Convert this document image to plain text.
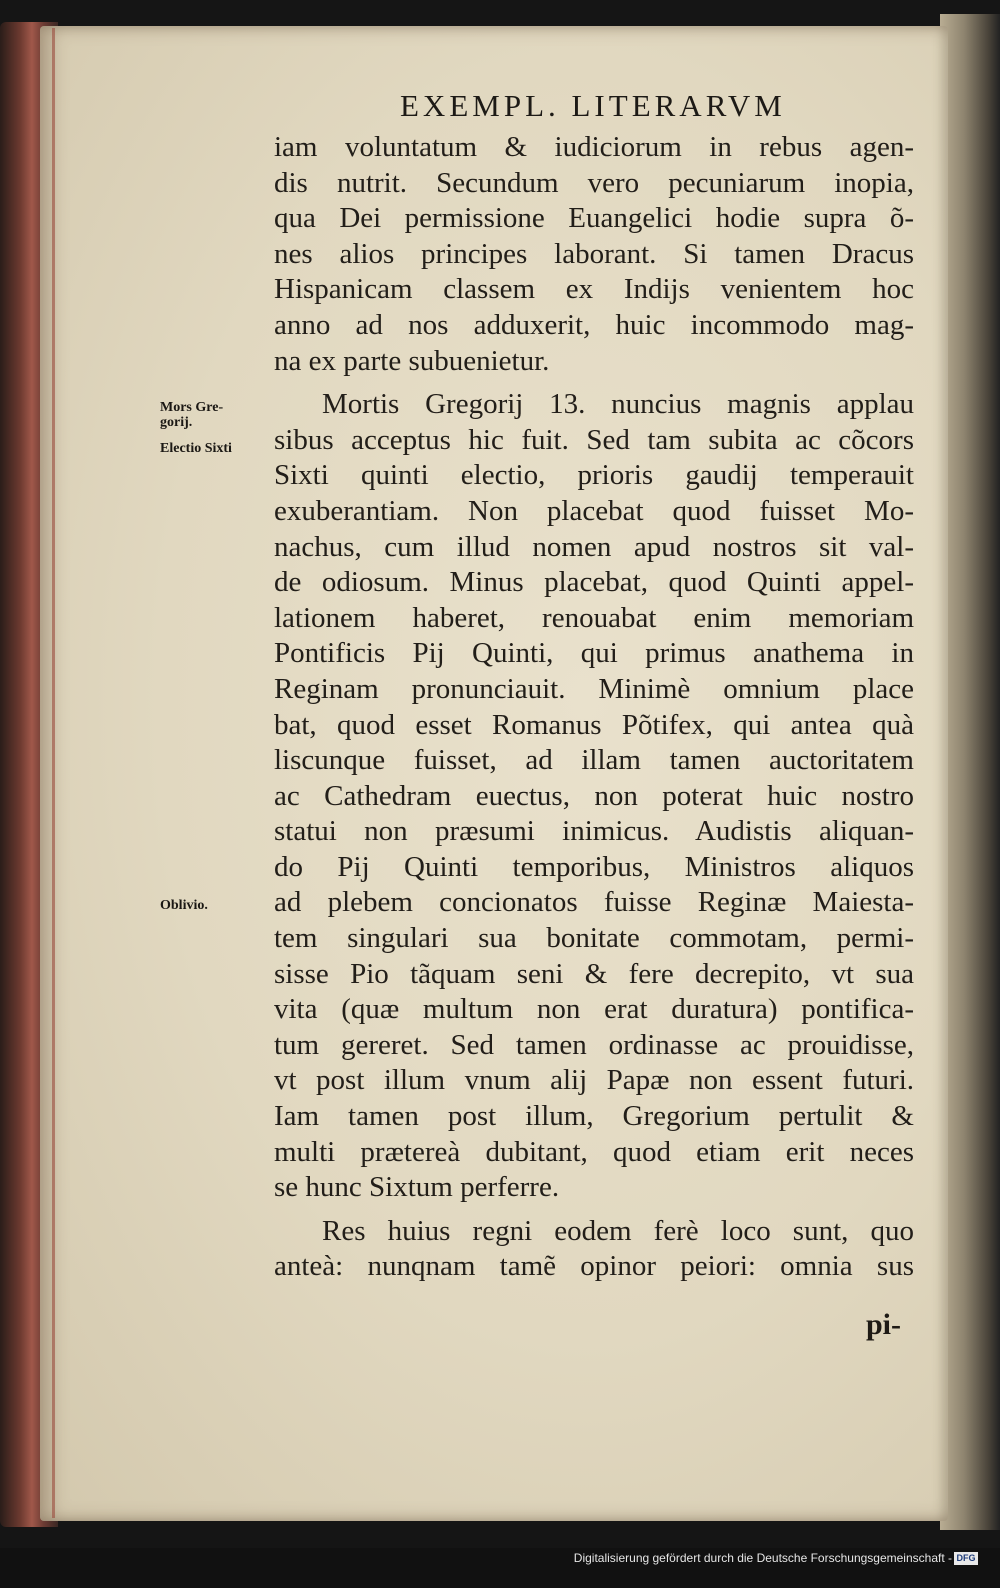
EXEMPL. LITERARVM
Mors Gre-
gorij.
Electio Sixti
Oblivio.
iam voluntatum & iudiciorum in rebus agen-
dis nutrit. Secundum vero pecuniarum inopia,
qua Dei permissione Euangelici hodie supra õ-
nes alios principes laborant. Si tamen Dracus
Hispanicam classem ex Indijs venientem hoc
anno ad nos adduxerit, huic incommodo mag-
na ex parte subuenietur.
Mortis Gregorij 13. nuncius magnis applau
sibus acceptus hic fuit. Sed tam subita ac cõcors
Sixti quinti electio, prioris gaudij temperauit
exuberantiam. Non placebat quod fuisset Mo-
nachus, cum illud nomen apud nostros sit val-
de odiosum. Minus placebat, quod Quinti appel-
lationem haberet, renouabat enim memoriam
Pontificis Pij Quinti, qui primus anathema in
Reginam pronunciauit. Minimè omnium place
bat, quod esset Romanus Põtifex, qui antea quà
liscunque fuisset, ad illam tamen auctoritatem
ac Cathedram euectus, non poterat huic nostro
statui non præsumi inimicus. Audistis aliquan-
do Pij Quinti temporibus, Ministros aliquos
ad plebem concionatos fuisse Reginæ Maiesta-
tem singulari sua bonitate commotam, permi-
sisse Pio tãquam seni & fere decrepito, vt sua
vita (quæ multum non erat duratura) pontifica-
tum gereret. Sed tamen ordinasse ac prouidisse,
vt post illum vnum alij Papæ non essent futuri.
Iam tamen post illum, Gregorium pertulit &
multi prætereà dubitant, quod etiam erit neces
se hunc Sixtum perferre.
Res huius regni eodem ferè loco sunt, quo
anteà: nunqnam tamẽ opinor peiori: omnia sus
pi-
Digitalisierung gefördert durch die Deutsche Forschungsgemeinschaft - DFG
